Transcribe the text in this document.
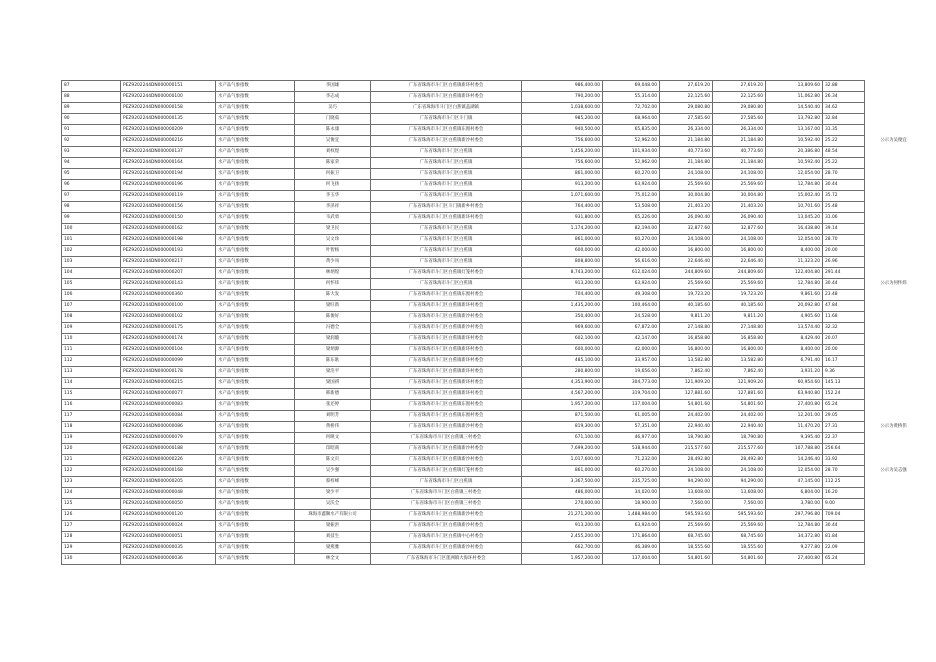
87	PEZ9202244DN000000151	水产品气象指数	李国雄	广东省珠海市斗门区白蕉镇新环村委会	986,400.00	69,048.00	27,619.20	27,619.20	13,809.60	32.88	
88	PEZ9202244DN000000100	水产品气象指数	李志成	广东省珠海市斗门区白蕉镇新环村委会	790,200.00	55,314.00	22,125.60	22,125.60	11,062.80	26.34	
89	PEZ9202244DN000000158	水产品气象指数	吴巧	广东省珠海市斗门区白蕉镇盖湖镇	1,038,600.00	72,702.00	29,080.80	29,080.80	14,540.40	34.62	
90	PEZ9202244DN000000135	水产品气象指数	门晓茹	广东省珠海市斗门区斗门镇	985,200.00	68,964.00	27,585.60	27,585.60	13,792.80	32.84	
91	PEZ9202244DN000000209	水产品气象指数	陈永康	广东省珠海市斗门区白蕉镇东围村委会	940,500.00	65,835.00	26,334.00	26,334.00	13,167.00	31.35	
92	PEZ9202244DN000000216	水产品气象指数	吴俊宜	广东省珠海市斗门区白蕉镇新沙村委会	756,600.00	52,962.00	21,184.80	21,184.80	10,592.40	25.22	公示为吴俊宜
93	PEZ9202244DN000000137	水产品气象指数	刘权煜	广东省珠海市斗门区白蕉镇	1,456,200.00	101,934.00	40,773.60	40,773.60	20,386.80	48.54	
94	PEZ9202244DN000000164	水产品气象指数	陈家荣	广东省珠海市斗门区白蕉镇	756,600.00	52,962.00	21,184.80	21,184.80	10,592.40	25.22	
95	PEZ9202244DN000000194	水产品气象指数	何振卫	广东省珠海市斗门区白蕉镇	861,000.00	60,270.00	24,108.00	24,108.00	12,054.00	28.70	
96	PEZ9202244DN000000196	水产品气象指数	何飞扬	广东省珠海市斗门区白蕉镇	913,200.00	63,924.00	25,569.60	25,569.60	12,784.80	30.44	
97	PEZ9202244DN000000119	水产品气象指数	李玉华	广东省珠海市斗门区白蕉镇	1,071,600.00	75,012.00	30,004.80	30,004.80	15,002.40	35.72	
98	PEZ9202244DN000000156	水产品气象指数	李泽祥	广东省珠海市斗门区斗门镇新乡村委会	764,400.00	53,508.00	21,403.20	21,403.20	10,701.60	25.48	
99	PEZ9202244DN000000150	水产品气象指数	韦武勇	广东省珠海市斗门区白蕉镇新环村委会	931,800.00	65,226.00	26,090.40	26,090.40	13,045.20	31.06	
100	PEZ9202244DN000000162	水产品气象指数	梁卫民	广东省珠海市斗门区白蕉镇	1,174,200.00	82,194.00	32,877.60	32,877.60	16,438.80	39.14	
101	PEZ9202244DN000000198	水产品气象指数	吴文珍	广东省珠海市斗门区白蕉镇	861,000.00	60,270.00	24,108.00	24,108.00	12,054.00	28.70	
102	PEZ9202244DN000000193	水产品气象指数	叶智杨	广东省珠海市斗门区白蕉镇	600,000.00	42,000.00	16,800.00	16,800.00	8,400.00	20.00	
103	PEZ9202244DN000000217	水产品气象指数	黄少凤	广东省珠海市斗门区白蕉镇	808,800.00	56,616.00	22,646.40	22,646.40	11,323.20	26.96	
104	PEZ9202244DN000000207	水产品气象指数	林炳煌	广东省珠海市斗门区白蕉镇灯笼村委会	8,743,200.00	612,024.00	244,809.60	244,809.60	122,404.80	291.44	
105	PEZ9202244DN000000143	水产品气象指数	何怀炜	广东省珠海市斗门区白蕉镇	913,200.00	63,924.00	25,569.60	25,569.60	12,784.80	30.44	公示为何怀炜
106	PEZ9202244DN000000360	水产品气象指数	陈大发	广东省珠海市斗门区白蕉镇东围村委会	704,400.00	49,308.00	19,723.20	19,723.20	9,861.60	23.48	
107	PEZ9202244DN000000100	水产品气象指数	梁旺新	广东省珠海市斗门区白蕉镇新环村委会	1,435,200.00	100,464.00	40,185.60	40,185.60	20,092.80	47.84	
108	PEZ9202244DN000000102	水产品气象指数	陈俊好	广东省珠海市斗门区白蕉镇新沙村委会	350,400.00	24,528.00	9,811.20	9,811.20	4,905.60	11.68	
109	PEZ9202244DN000000175	水产品气象指数	冯德全	广东省珠海市斗门区白蕉镇新沙村委会	969,600.00	67,872.00	27,148.80	27,148.80	13,574.40	32.32	
110	PEZ9202244DN000000174	水产品气象指数	梁润璇	广东省珠海市斗门区白蕉镇新环村委会	602,100.00	42,147.00	16,858.80	16,858.80	8,429.40	20.07	
111	PEZ9202244DN000000104	水产品气象指数	梁炳源	广东省珠海市斗门区白蕉镇新环村委会	600,000.00	42,000.00	16,800.00	16,800.00	8,400.00	20.00	
112	PEZ9202244DN000000099	水产品气象指数	陈东耿	广东省珠海市斗门区白蕉镇新环村委会	485,100.00	33,957.00	13,582.80	13,582.80	6,791.40	16.17	
113	PEZ9202244DN000000178	水产品气象指数	梁浩平	广东省珠海市斗门区白蕉镇新环村委会	280,800.00	19,656.00	7,862.40	7,862.40	3,931.20	9.36	
114	PEZ9202244DN000000215	水产品气象指数	梁国祺	广东省珠海市斗门区白蕉镇新环村委会	4,353,900.00	304,773.00	121,909.20	121,909.20	60,954.60	145.13	
115	PEZ9202244DN000000077	水产品气象指数	韩新德	广东省珠海市斗门区白蕉镇新环村委会	4,567,200.00	319,704.00	127,881.60	127,881.60	63,940.80	152.24	
116	PEZ9202244DN000000083	水产品气象指数	张还婷	广东省珠海市斗门区白蕉镇东围村委会	1,957,200.00	137,004.00	54,801.60	54,801.60	27,400.80	65.24	
117	PEZ9202244DN000000084	水产品气象指数	刘明芳	广东省珠海市斗门区白蕉镇东围村委会	871,500.00	61,005.00	24,402.00	24,402.00	12,201.00	29.05	
118	PEZ9202244DN000000086	水产品气象指数	黄桥伟	广东省珠海市斗门区白蕉镇新沙村委会	819,300.00	57,351.00	22,940.40	22,940.40	11,470.20	27.31	公示为黄桥伟
119	PEZ9202244DN000000079	水产品气象指数	何映文	广东省珠海市斗门区白蕉镇三村委会	671,100.00	46,977.00	18,790.80	18,790.80	9,395.40	22.37	
120	PEZ9202244DN000000188	水产品气象指数	印昭商	广东省珠海市斗门区白蕉镇新沙村委会	7,699,200.00	538,944.00	215,577.60	215,577.60	107,788.80	256.64	
121	PEZ9202244DN000000226	水产品气象指数	陈文页	广东省珠海市斗门区白蕉镇新沙村委会	1,017,600.00	71,232.00	28,492.80	28,492.80	14,246.40	33.92	
122	PEZ9202244DN000000168	水产品气象指数	吴少强	广东省珠海市斗门区白蕉镇灯笼村委会	861,000.00	60,270.00	24,108.00	24,108.00	12,054.00	28.70	公示为吴志强
123	PEZ9202244DN000000205	水产品气象指数	蔡梓峰	广东省珠海市斗门区白蕉镇	3,367,500.00	235,725.00	94,290.00	94,290.00	47,145.00	112.25	
124	PEZ9202244DN000000048	水产品气象指数	梁少平	广东省珠海市斗门区白蕉镇三村委会	486,000.00	34,020.00	13,608.00	13,608.00	6,804.00	16.20	
125	PEZ9202244DN000000050	水产品气象指数	吴沃全	广东省珠海市斗门区白蕉镇三村委会	270,000.00	18,900.00	7,560.00	7,560.00	3,780.00	9.00	
126	PEZ9202244DN000000120	水产品气象指数	珠海市鑫顺水产有限公司	广东省珠海市斗门区白蕉镇新沙村委会	21,271,200.00	1,488,984.00	595,593.60	595,593.60	297,796.80	709.04	
127	PEZ9202244DN000000024	水产品气象指数	梁振洪	广东省珠海市斗门区白蕉镇新沙村委会	913,200.00	63,924.00	25,569.60	25,569.60	12,784.80	30.44	
128	PEZ9202244DN000000051	水产品气象指数	刘技生	广东省珠海市斗门区白蕉镇中心村委会	2,455,200.00	171,864.00	68,745.60	68,745.60	34,372.80	81.84	
129	PEZ9202244DN000000035	水产品气象指数	梁燕雅	广东省珠海市斗门区白蕉镇新沙村委会	662,700.00	46,389.00	18,555.60	18,555.60	9,277.80	22.09	
130	PEZ9202244DN000000036	水产品气象指数	林全文	广东省珠海市斗门区莲洲镇大海环村委会	1,957,200.00	137,004.00	54,801.60	54,801.60	27,400.80	65.24	
